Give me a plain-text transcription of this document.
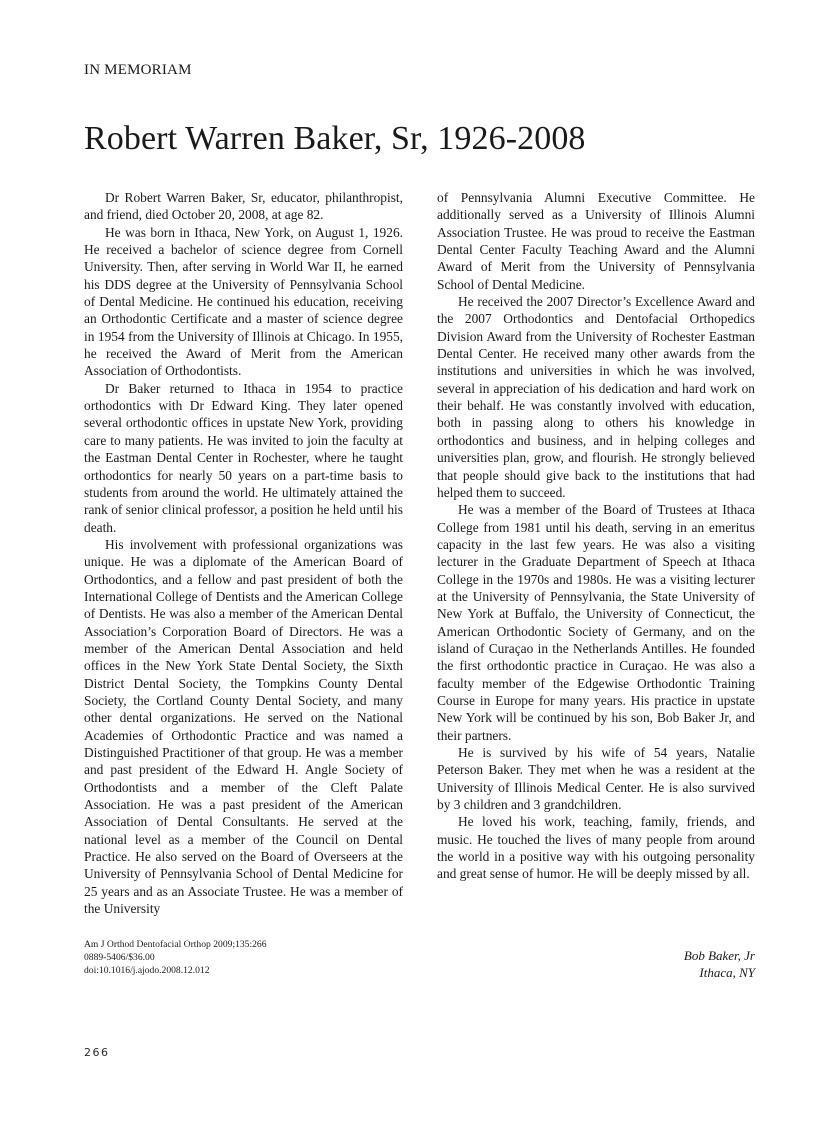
IN MEMORIAM
Robert Warren Baker, Sr, 1926-2008

Dr Robert Warren Baker, Sr, educator, philanthropist, and friend, died October 20, 2008, at age 82.

He was born in Ithaca, New York, on August 1, 1926. He received a bachelor of science degree from Cornell University. Then, after serving in World War II, he earned his DDS degree at the University of Pennsylvania School of Dental Medicine. He continued his education, receiving an Orthodontic Certificate and a master of science degree in 1954 from the University of Illinois at Chicago. In 1955, he received the Award of Merit from the American Association of Orthodontists.

Dr Baker returned to Ithaca in 1954 to practice orthodontics with Dr Edward King. They later opened several orthodontic offices in upstate New York, providing care to many patients. He was invited to join the faculty at the Eastman Dental Center in Rochester, where he taught orthodontics for nearly 50 years on a part-time basis to students from around the world. He ultimately attained the rank of senior clinical professor, a position he held until his death.

His involvement with professional organizations was unique. He was a diplomate of the American Board of Orthodontics, and a fellow and past president of both the International College of Dentists and the American College of Dentists. He was also a member of the American Dental Association’s Corporation Board of Directors. He was a member of the American Dental Association and held offices in the New York State Dental Society, the Sixth District Dental Society, the Tompkins County Dental Society, the Cortland County Dental Society, and many other dental organizations. He served on the National Academies of Orthodontic Practice and was named a Distinguished Practitioner of that group. He was a member and past president of the Edward H. Angle Society of Orthodontists and a member of the Cleft Palate Association. He was a past president of the American Association of Dental Consultants. He served at the national level as a member of the Council on Dental Practice. He also served on the Board of Overseers at the University of Pennsylvania School of Dental Medicine for 25 years and as an Associate Trustee. He was a member of the University

of Pennsylvania Alumni Executive Committee. He additionally served as a University of Illinois Alumni Association Trustee. He was proud to receive the Eastman Dental Center Faculty Teaching Award and the Alumni Award of Merit from the University of Pennsylvania School of Dental Medicine.

He received the 2007 Director’s Excellence Award and the 2007 Orthodontics and Dentofacial Orthopedics Division Award from the University of Rochester Eastman Dental Center. He received many other awards from the institutions and universities in which he was involved, several in appreciation of his dedication and hard work on their behalf. He was constantly involved with education, both in passing along to others his knowledge in orthodontics and business, and in helping colleges and universities plan, grow, and flourish. He strongly believed that people should give back to the institutions that had helped them to succeed.

He was a member of the Board of Trustees at Ithaca College from 1981 until his death, serving in an emeritus capacity in the last few years. He was also a visiting lecturer in the Graduate Department of Speech at Ithaca College in the 1970s and 1980s. He was a visiting lecturer at the University of Pennsylvania, the State University of New York at Buffalo, the University of Connecticut, the American Orthodontic Society of Germany, and on the island of Curaçao in the Netherlands Antilles. He founded the first orthodontic practice in Curaçao. He was also a faculty member of the Edgewise Orthodontic Training Course in Europe for many years. His practice in upstate New York will be continued by his son, Bob Baker Jr, and their partners.

He is survived by his wife of 54 years, Natalie Peterson Baker. They met when he was a resident at the University of Illinois Medical Center. He is also survived by 3 children and 3 grandchildren.

He loved his work, teaching, family, friends, and music. He touched the lives of many people from around the world in a positive way with his outgoing personality and great sense of humor. He will be deeply missed by all.

Bob Baker, Jr
Ithaca, NY
Am J Orthod Dentofacial Orthop 2009;135:266
0889-5406/$36.00
doi:10.1016/j.ajodo.2008.12.012
266
